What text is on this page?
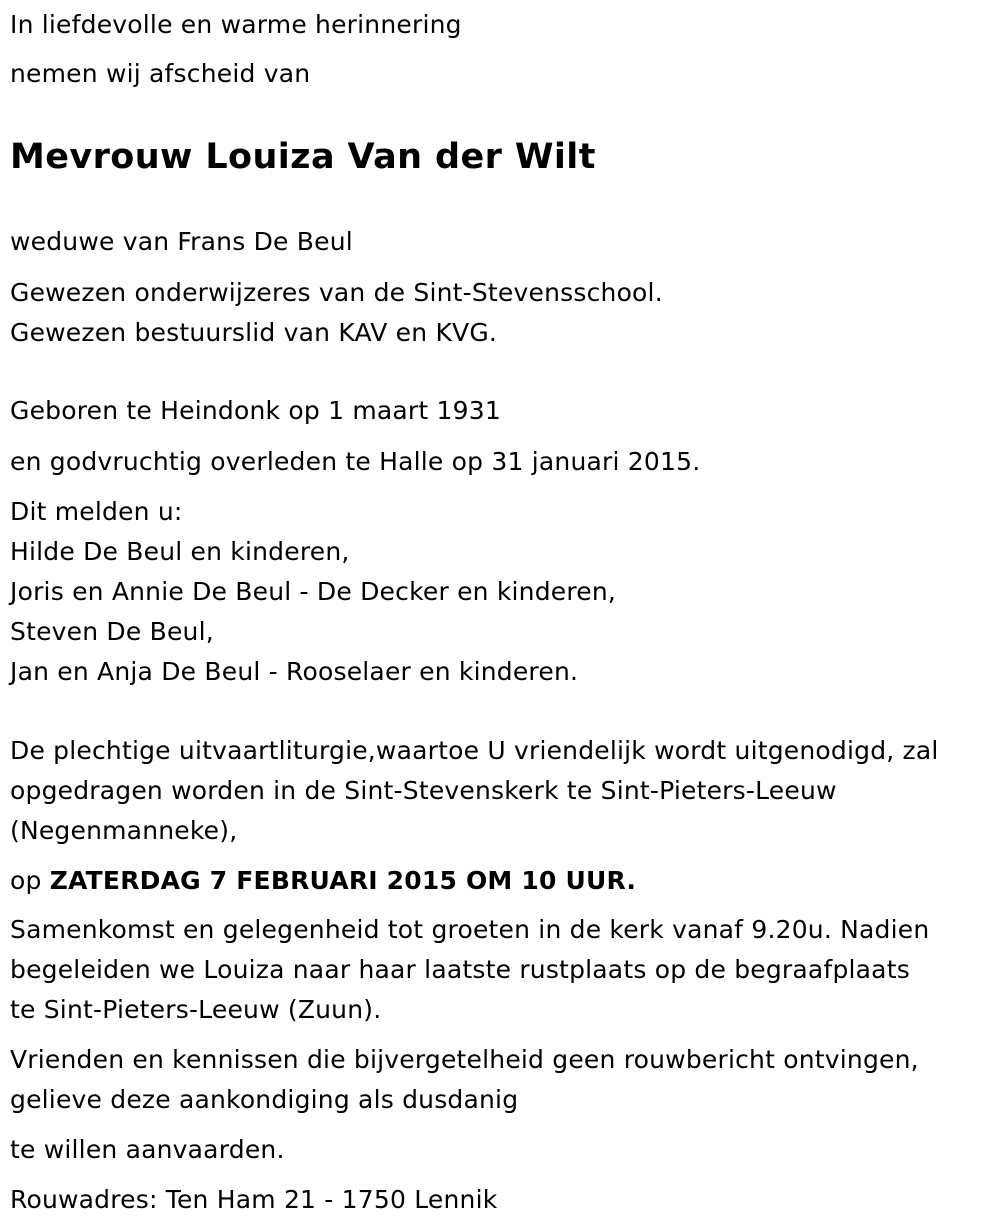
In liefdevolle en warme herinnering
nemen wij afscheid van
Mevrouw Louiza Van der Wilt
weduwe van Frans De Beul
Gewezen onderwijzeres van de Sint-Stevensschool.
Gewezen bestuurslid van KAV en KVG.
Geboren te Heindonk op 1 maart 1931
en godvruchtig overleden te Halle op 31 januari 2015.
Dit melden u:
Hilde De Beul en kinderen,
Joris en Annie De Beul - De Decker en kinderen,
Steven De Beul,
Jan en Anja De Beul - Rooselaer en kinderen.
De plechtige uitvaartliturgie,waartoe U vriendelijk wordt uitgenodigd, zal
opgedragen worden in de Sint-Stevenskerk te Sint-Pieters-Leeuw
(Negenmanneke),
op ZATERDAG 7 FEBRUARI 2015 OM 10 UUR.
Samenkomst en gelegenheid tot groeten in de kerk vanaf 9.20u. Nadien
begeleiden we Louiza naar haar laatste rustplaats op de begraafplaats
te Sint-Pieters-Leeuw (Zuun).
Vrienden en kennissen die bijvergetelheid geen rouwbericht ontvingen,
gelieve deze aankondiging als dusdanig
te willen aanvaarden.
Rouwadres: Ten Ham 21 - 1750 Lennik
